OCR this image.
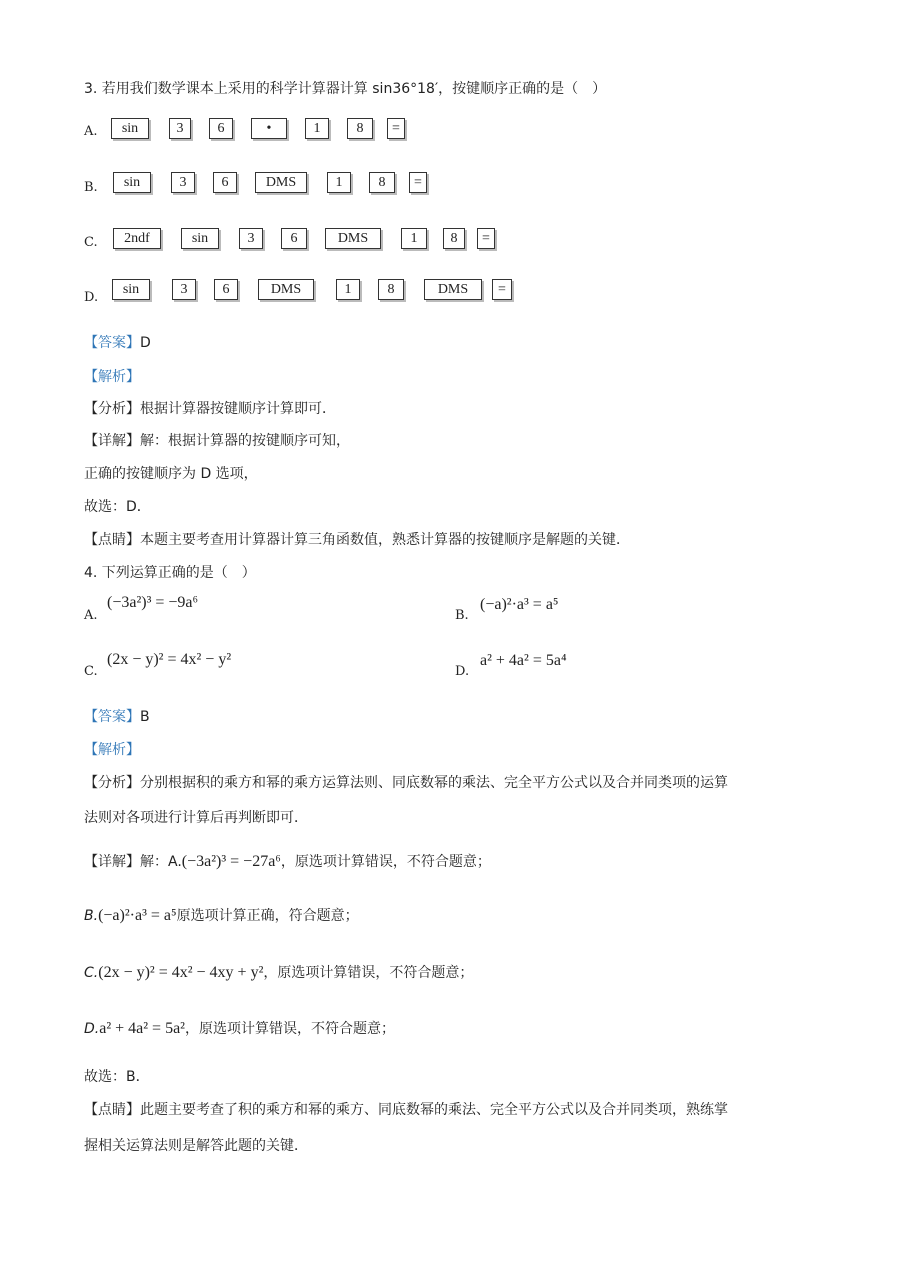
3. 若用我们数学课本上采用的科学计算器计算 sin36°18′，按键顺序正确的是（　）
A.	sin	3	6	•	1	8	=
B.	sin	3	6	DMS	1	8	=
C.	2ndf	sin	3	6	DMS	1	8	=
D.
sin	3	6	DMS	1	8	DMS	=
【答案】D
【解析】
【分析】根据计算器按键顺序计算即可．
【详解】解：根据计算器的按键顺序可知，
正确的按键顺序为 D 选项，
故选：D．
【点睛】本题主要考查用计算器计算三角函数值，熟悉计算器的按键顺序是解题的关键．
4. 下列运算正确的是（　）
A.
(−3a²)³ = −9a⁶
B.
(−a)²·a³ = a⁵
C.
(2x − y)² = 4x² − y²
D.
a² + 4a² = 5a⁴
【答案】B
【解析】
【分析】分别根据积的乘方和幂的乘方运算法则、同底数幂的乘法、完全平方公式以及合并同类项的运算
法则对各项进行计算后再判断即可．
【详解】解：A.(−3a²)³ = −27a⁶，原选项计算错误，不符合题意；
B.(−a)²·a³ = a⁵原选项计算正确，符合题意；
C.(2x − y)² = 4x² − 4xy + y²，原选项计算错误，不符合题意；
D.a² + 4a² = 5a²，原选项计算错误，不符合题意；
故选：B．
【点睛】此题主要考查了积的乘方和幂的乘方、同底数幂的乘法、完全平方公式以及合并同类项，熟练掌
握相关运算法则是解答此题的关键．
